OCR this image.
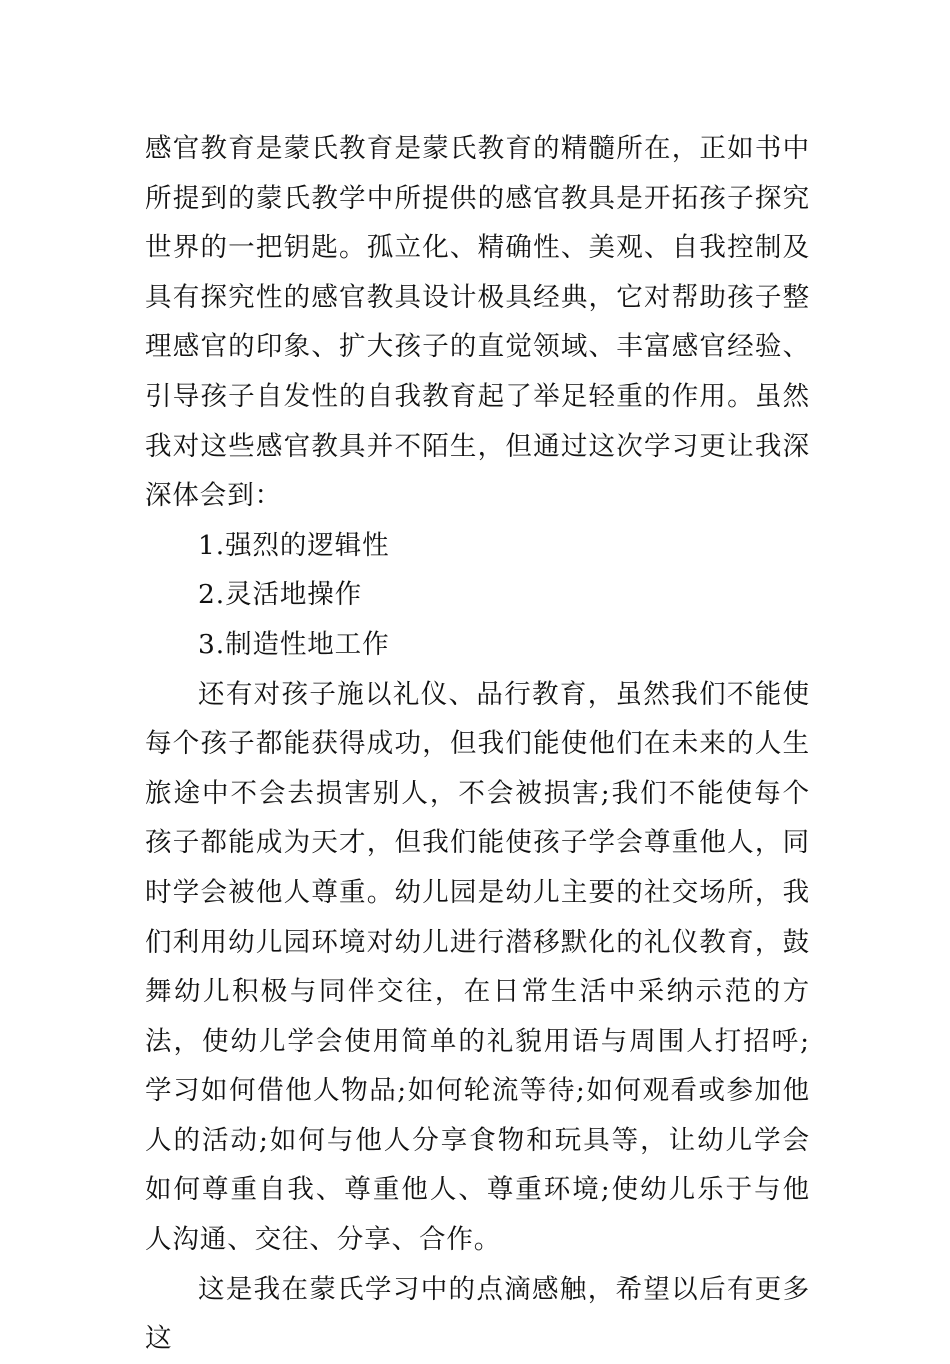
感官教育是蒙氏教育是蒙氏教育的精髓所在，正如书中所提到的蒙氏教学中所提供的感官教具是开拓孩子探究世界的一把钥匙。孤立化、精确性、美观、自我控制及具有探究性的感官教具设计极具经典，它对帮助孩子整理感官的印象、扩大孩子的直觉领域、丰富感官经验、引导孩子自发性的自我教育起了举足轻重的作用。虽然我对这些感官教具并不陌生，但通过这次学习更让我深深体会到：

1.强烈的逻辑性

2.灵活地操作

3.制造性地工作

还有对孩子施以礼仪、品行教育，虽然我们不能使每个孩子都能获得成功，但我们能使他们在未来的人生旅途中不会去损害别人，不会被损害;我们不能使每个孩子都能成为天才，但我们能使孩子学会尊重他人，同时学会被他人尊重。幼儿园是幼儿主要的社交场所，我们利用幼儿园环境对幼儿进行潜移默化的礼仪教育，鼓舞幼儿积极与同伴交往，在日常生活中采纳示范的方法，使幼儿学会使用简单的礼貌用语与周围人打招呼;学习如何借他人物品;如何轮流等待;如何观看或参加他人的活动;如何与他人分享食物和玩具等，让幼儿学会如何尊重自我、尊重他人、尊重环境;使幼儿乐于与他人沟通、交往、分享、合作。

这是我在蒙氏学习中的点滴感触，希望以后有更多这
